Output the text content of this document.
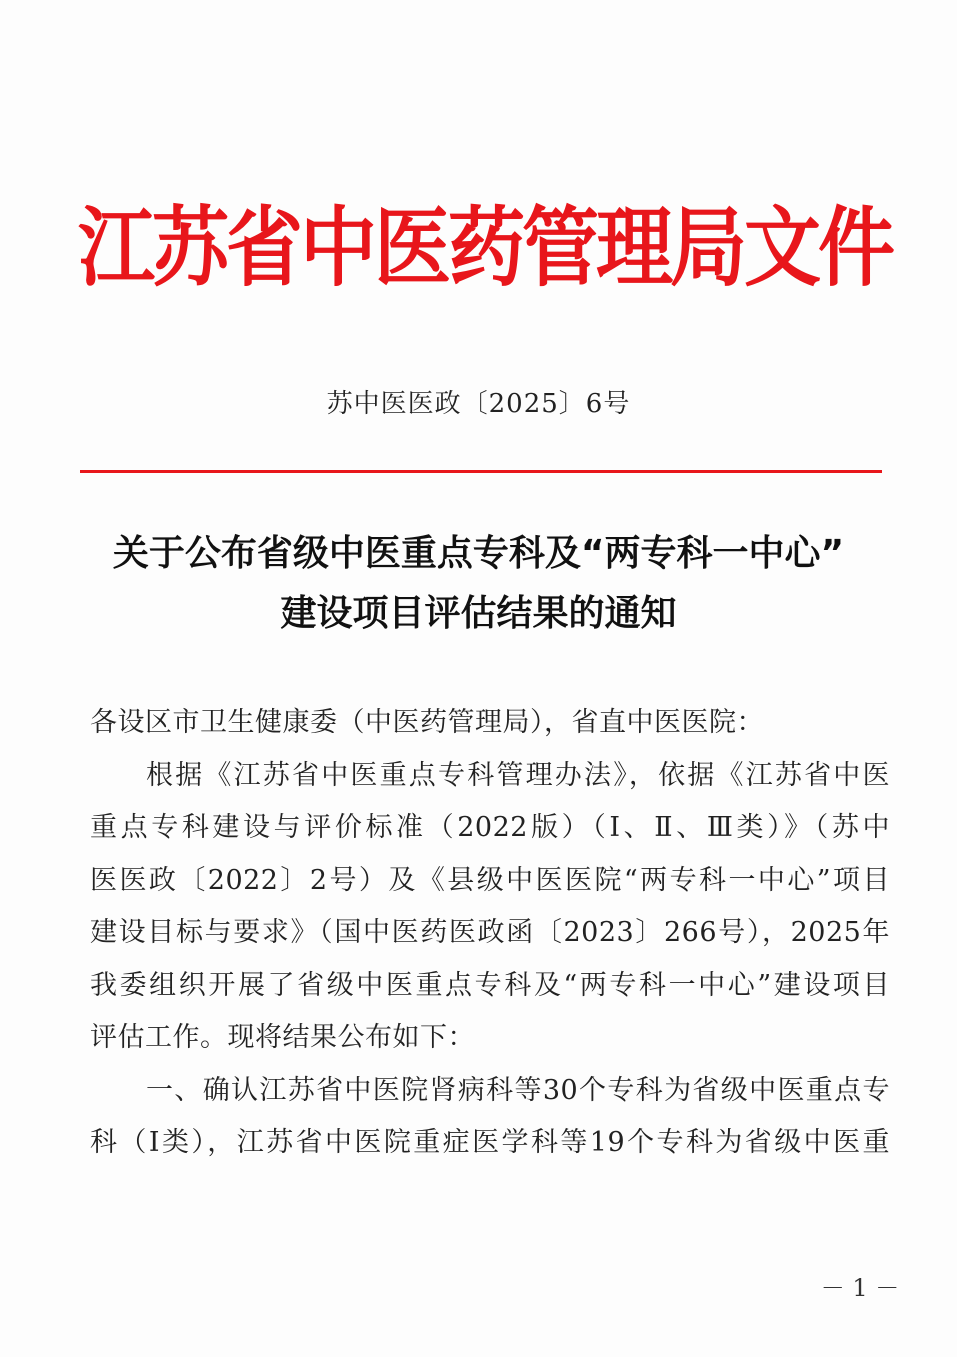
江苏省中医药管理局文件
苏中医医政〔2025〕6号
关于公布省级中医重点专科及“两专科一中心”
建设项目评估结果的通知
各设区市卫生健康委（中医药管理局），省直中医医院：
根据《江苏省中医重点专科管理办法》，依据《江苏省中医
重点专科建设与评价标准（2022版）（Ⅰ、Ⅱ、Ⅲ类）》（苏中
医医政〔2022〕2号）及《县级中医医院“两专科一中心”项目
建设目标与要求》（国中医药医政函〔2023〕266号），2025年
我委组织开展了省级中医重点专科及“两专科一中心”建设项目
评估工作。现将结果公布如下：
一、确认江苏省中医院肾病科等30个专科为省级中医重点专
科（Ⅰ类），江苏省中医院重症医学科等19个专科为省级中医重
－ 1 －
